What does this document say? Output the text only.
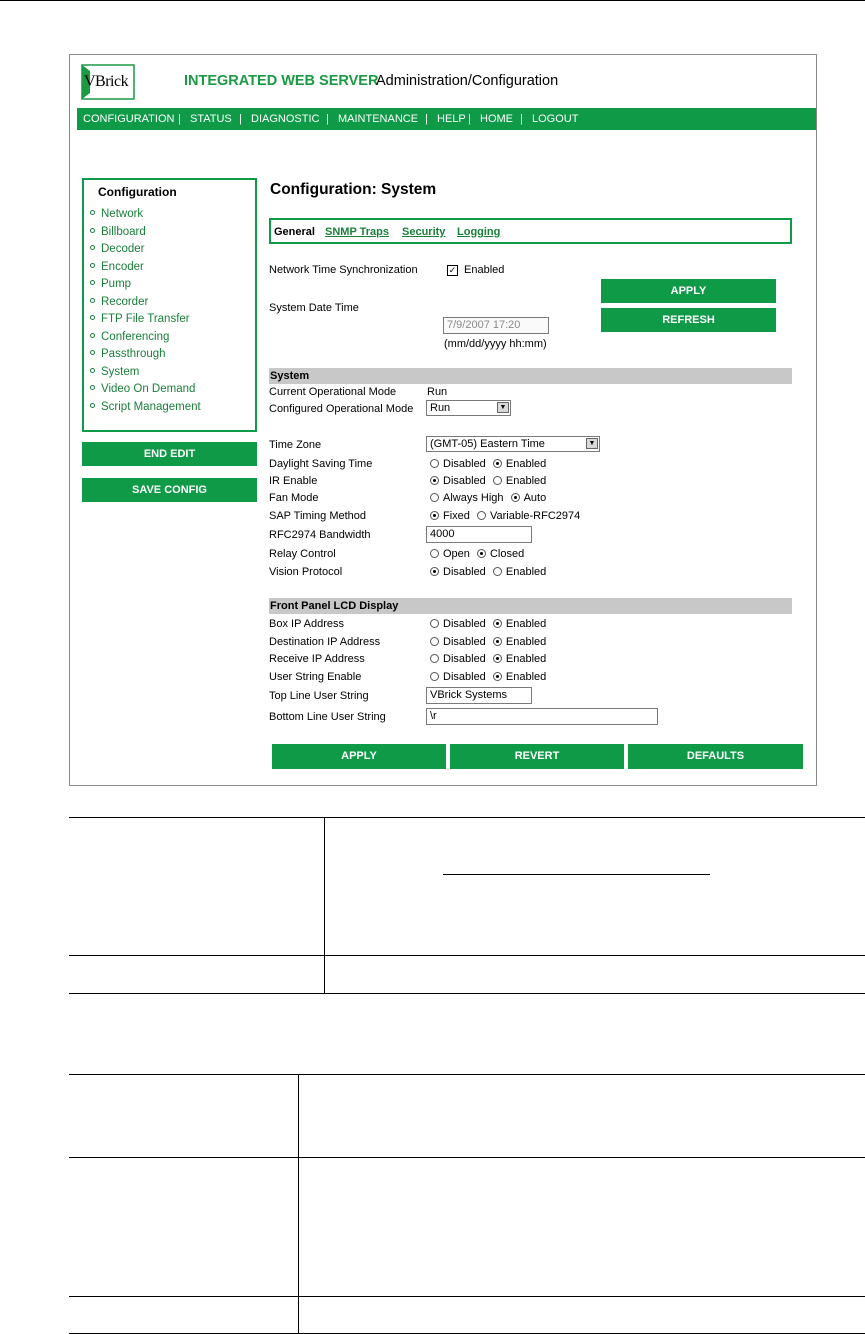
VBrick	INTEGRATED WEB SERVER
Administration/Configuration
CONFIGURATION | STATUS | DIAGNOSTIC | MAINTENANCE | HELP | HOME | LOGOUT
Configuration
Network
Billboard
Decoder
Encoder
Pump
Recorder
FTP File Transfer
Conferencing
Passthrough
System
Video On Demand
Script Management
END EDIT
SAVE CONFIG
Configuration: System
General SNMP Traps Security Logging
Network Time Synchronization	✓ Enabled
System Date Time
7/9/2007 17:20
(mm/dd/yyyy hh:mm)
APPLY
REFRESH
System
Current Operational Mode	Run
Configured Operational Mode	Run	▼
Time Zone	(GMT-05) Eastern Time	▼
Daylight Saving Time	Disabled Enabled
IR Enable	Disabled Enabled
Fan Mode	Always High Auto
SAP Timing Method	Fixed Variable-RFC2974
RFC2974 Bandwidth	4000
Relay Control	Open Closed
Vision Protocol	Disabled Enabled
Front Panel LCD Display
Box IP Address	Disabled Enabled
Destination IP Address	Disabled Enabled
Receive IP Address	Disabled Enabled
User String Enable	Disabled Enabled
Top Line User String	VBrick Systems
Bottom Line User String	\r
APPLY	REVERT	DEFAULTS
